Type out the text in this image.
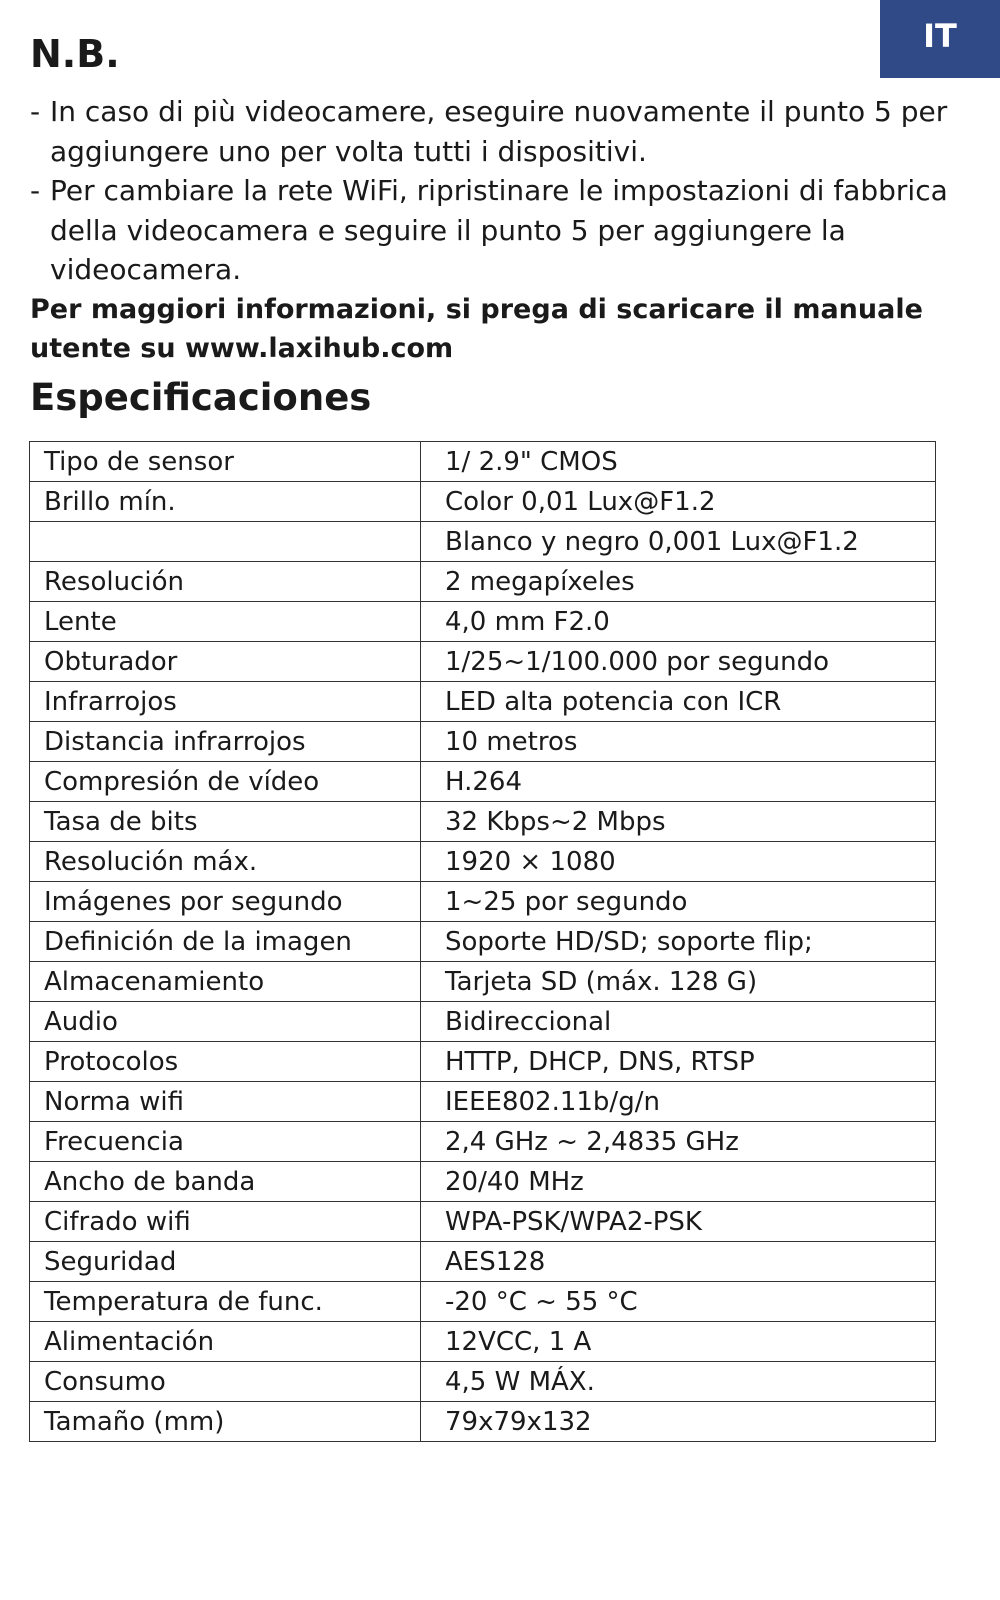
IT
N.B.

- In caso di più videocamere, eseguire nuovamente il punto 5 per aggiungere uno per volta tutti i dispositivi.

- Per cambiare la rete WiFi, ripristinare le impostazioni di fabbrica della videocamera e seguire il punto 5 per aggiungere la videocamera.

Per maggiori informazioni, si prega di scaricare il manuale utente su www.laxihub.com

Especificaciones
Tipo de sensor	1/ 2.9" CMOS
Brillo mín.	Color 0,01 Lux@F1.2
	Blanco y negro 0,001 Lux@F1.2
Resolución	2 megapíxeles
Lente	4,0 mm F2.0
Obturador	1/25~1/100.000 por segundo
Infrarrojos	LED alta potencia con ICR
Distancia infrarrojos	10 metros
Compresión de vídeo	H.264
Tasa de bits	32 Kbps~2 Mbps
Resolución máx.	1920 × 1080
Imágenes por segundo	1~25 por segundo
Definición de la imagen	Soporte HD/SD; soporte flip;
Almacenamiento	Tarjeta SD (máx. 128 G)
Audio	Bidireccional
Protocolos	HTTP, DHCP, DNS, RTSP
Norma wifi	IEEE802.11b/g/n
Frecuencia	2,4 GHz ~ 2,4835 GHz
Ancho de banda	20/40 MHz
Cifrado wifi	WPA-PSK/WPA2-PSK
Seguridad	AES128
Temperatura de func.	-20 °C ~ 55 °C
Alimentación	12VCC, 1 A
Consumo	4,5 W MÁX.
Tamaño (mm)	79x79x132
